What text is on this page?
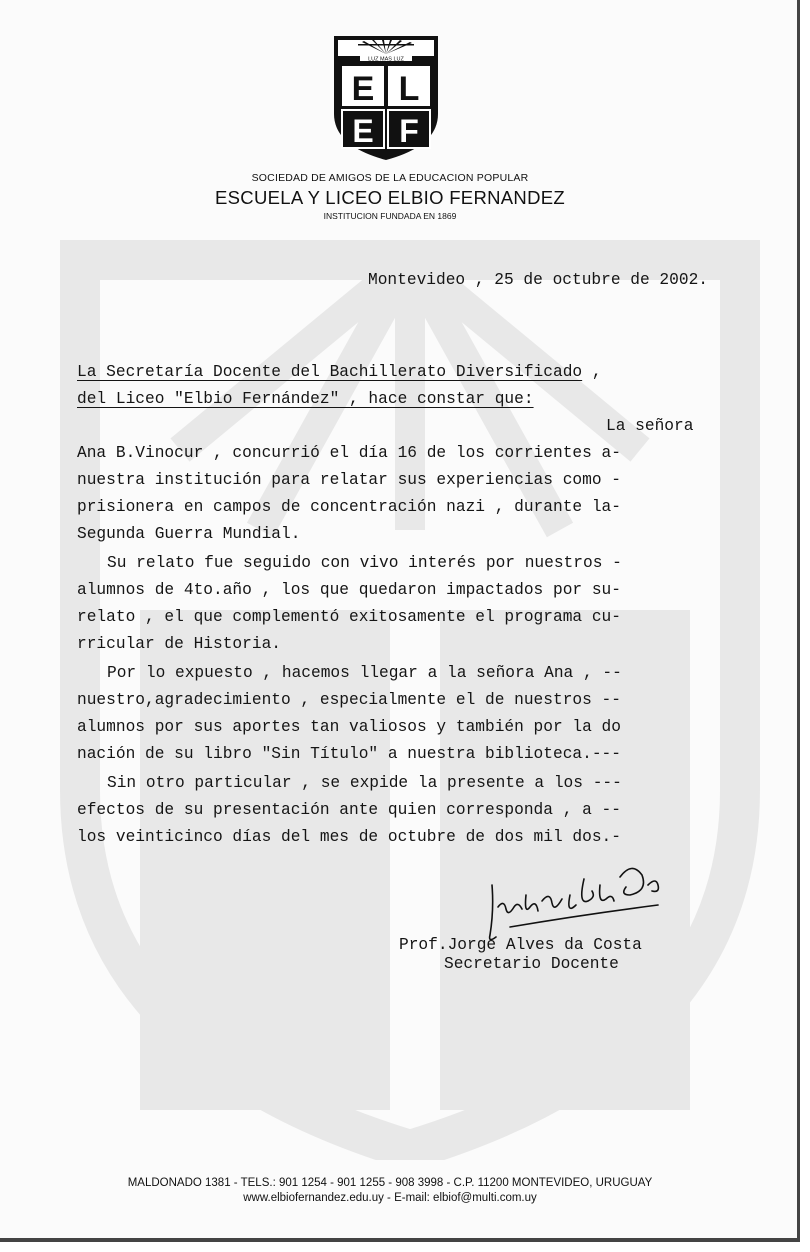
LUZ MAS LUZ
E L
E F
SOCIEDAD DE AMIGOS DE LA EDUCACION POPULAR
ESCUELA Y LICEO ELBIO FERNANDEZ
INSTITUCION FUNDADA EN 1869
Montevideo , 25 de octubre de 2002.
La Secretaría Docente del Bachillerato Diversificado ,
del Liceo "Elbio Fernández" , hace constar que:
La señora
Ana B.Vinocur , concurrió el día 16 de los corrientes a-
nuestra institución para relatar sus experiencias como -
prisionera en campos de concentración nazi , durante la-
Segunda Guerra Mundial.
Su relato fue seguido con vivo interés por nuestros -
alumnos de 4to.año , los que quedaron impactados por su-
relato , el que complementó exitosamente el programa cu-
rricular de Historia.
Por lo expuesto , hacemos llegar a la señora Ana , --
nuestro,agradecimiento , especialmente el de nuestros --
alumnos por sus aportes tan valiosos y también por la do
nación de su libro "Sin Título" a nuestra biblioteca.---
Sin otro particular , se expide la presente a los ---
efectos de su presentación ante quien corresponda , a --
los veinticinco días del mes de octubre de dos mil dos.-
Prof.Jorge Alves da Costa
Secretario Docente
MALDONADO 1381 - TELS.: 901 1254 - 901 1255 - 908 3998 - C.P. 11200 MONTEVIDEO, URUGUAY
www.elbiofernandez.edu.uy - E-mail: elbiof@multi.com.uy
